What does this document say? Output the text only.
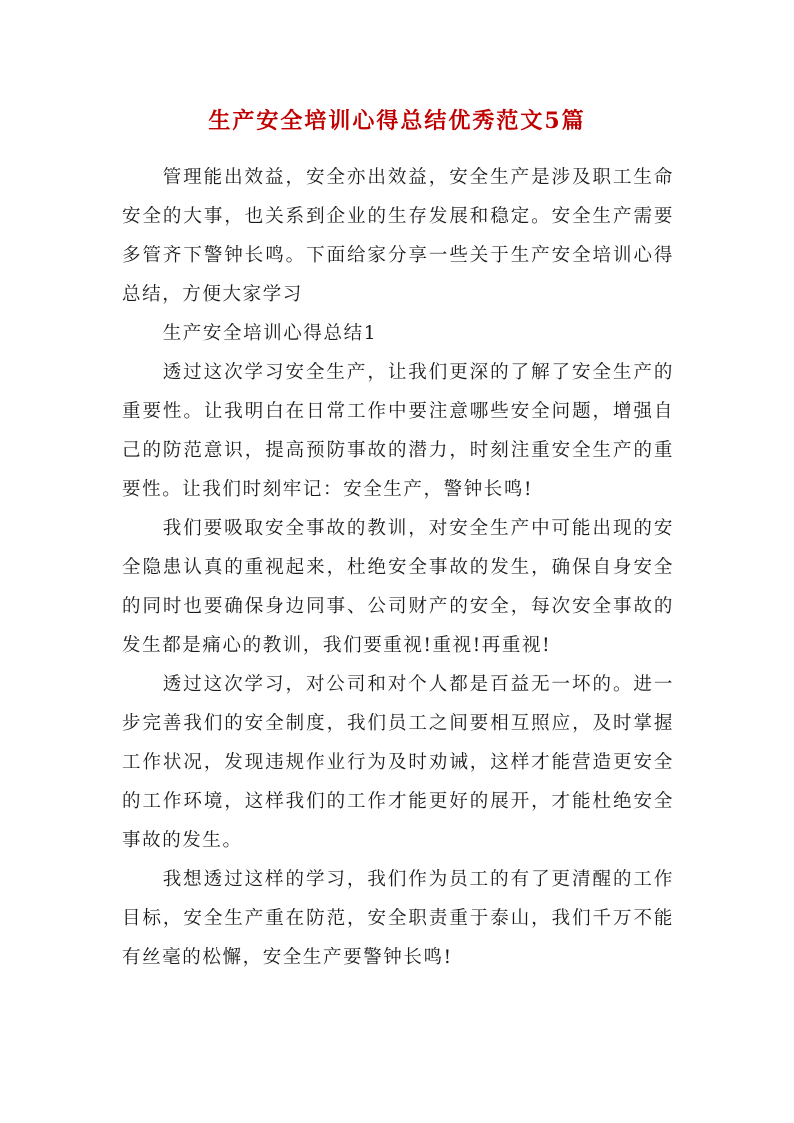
生产安全培训心得总结优秀范文5篇

管理能出效益，安全亦出效益，安全生产是涉及职工生命安全的大事，也关系到企业的生存发展和稳定。安全生产需要多管齐下警钟长鸣。下面给家分享一些关于生产安全培训心得总结，方便大家学习

生产安全培训心得总结1

透过这次学习安全生产，让我们更深的了解了安全生产的重要性。让我明白在日常工作中要注意哪些安全问题，增强自己的防范意识，提高预防事故的潜力，时刻注重安全生产的重要性。让我们时刻牢记：安全生产，警钟长鸣!

我们要吸取安全事故的教训，对安全生产中可能出现的安全隐患认真的重视起来，杜绝安全事故的发生，确保自身安全的同时也要确保身边同事、公司财产的安全，每次安全事故的发生都是痛心的教训，我们要重视!重视!再重视!

透过这次学习，对公司和对个人都是百益无一坏的。进一步完善我们的安全制度，我们员工之间要相互照应，及时掌握工作状况，发现违规作业行为及时劝诫，这样才能营造更安全的工作环境，这样我们的工作才能更好的展开，才能杜绝安全事故的发生。

我想透过这样的学习，我们作为员工的有了更清醒的工作目标，安全生产重在防范，安全职责重于泰山，我们千万不能有丝毫的松懈，安全生产要警钟长鸣!
